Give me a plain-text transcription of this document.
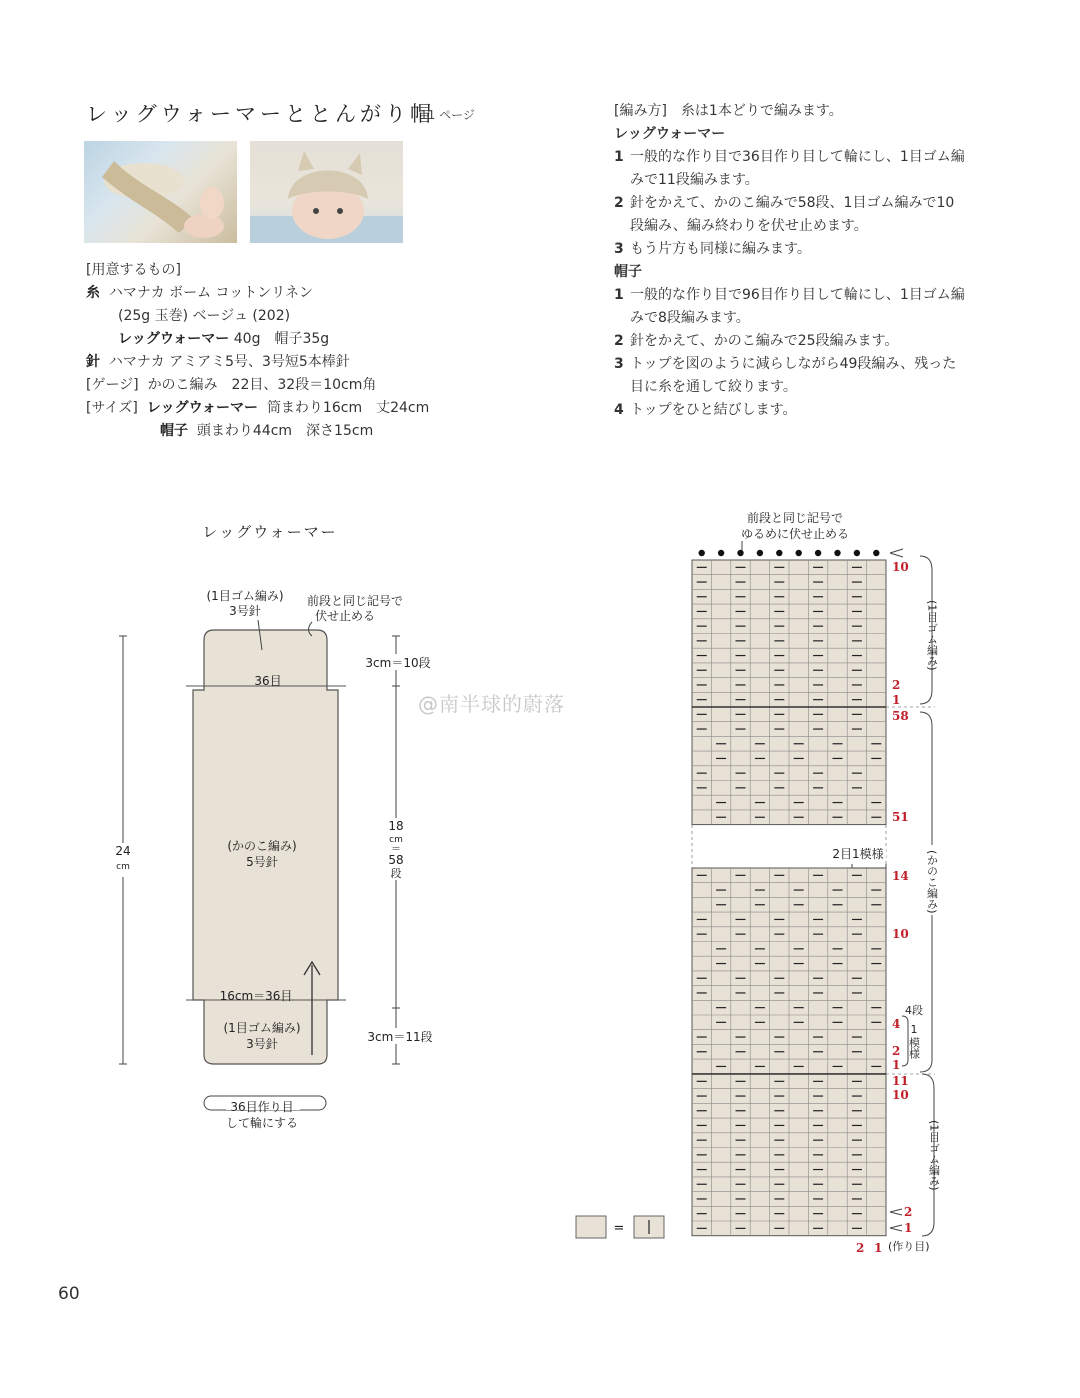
レッグウォーマーととんがり帽
11 ページ
[用意するもの]
糸 ハマナカ ボーム コットンリネン
(25g 玉巻) ベージュ (202)
レッグウォーマー 40g　 帽子35g
針 ハマナカ アミアミ5号、3号短5本棒針
[ゲージ] かのこ編み　22目、32段＝10cm角
[サイズ] レッグウォーマー 筒まわり16cm　丈24cm
帽子 頭まわり44cm　深さ15cm
[編み方]　糸は1本どりで編みます。
レッグウォーマー
1 一般的な作り目で36目作り目して輪にし、1目ゴム編
みで11段編みます。
2 針をかえて、かのこ編みで58段、1目ゴム編みで10
段編み、編み終わりを伏せ止めます。
3 もう片方も同様に編みます。
帽子
1 一般的な作り目で96目作り目して輪にし、1目ゴム編
みで8段編みます。
2 針をかえて、かのこ編みで25段編みます。
3 トップを図のように減らしながら49段編み、残った
目に糸を通して絞ります。
4 トップをひと結びします。
レッグウォーマー
(1目ゴム編み)
3号針
前段と同じ記号で
伏せ止める
36目
(かのこ編み)
5号針
16cm＝36目
(1目ゴム編み)
3号針
24
cm
3cm＝10段
18
cm
＝
58
段
3cm＝11段
36目作り目
して輪にする
@南半球的蔚落
前段と同じ記号で
ゆるめに伏せ止める
10
2
1
58
51
14
10
4
2
1
11
10
2
1
2目1模様
(1目ゴム編み)
(かのこ編み)
4段
1
模様
(1目ゴム編み)
2 1 (作り目)
=
60
